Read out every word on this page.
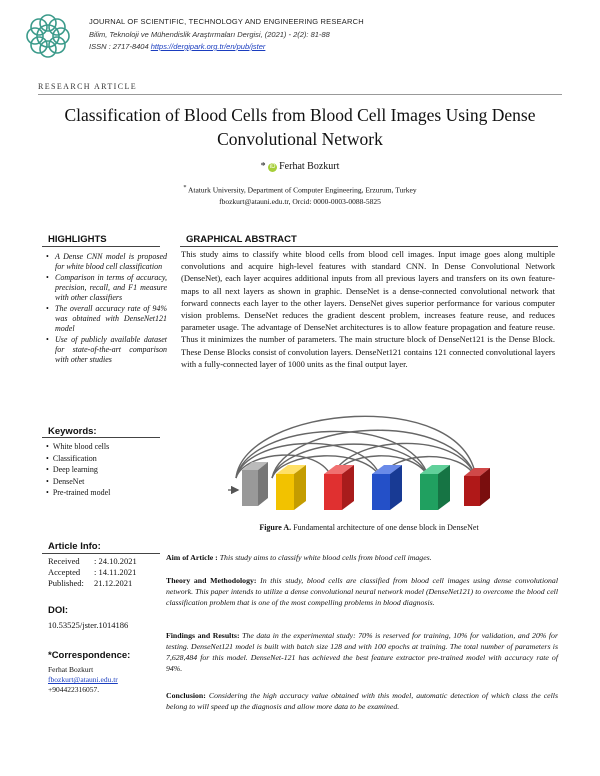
JOURNAL OF SCIENTIFIC, TECHNOLOGY AND ENGINEERING RESEARCH
Bilim, Teknoloji ve Mühendislik Araştırmaları Dergisi, (2021) - 2(2): 81-88
ISSN : 2717-8404 https://dergipark.org.tr/en/pub/jster
RESEARCH ARTICLE
Classification of Blood Cells from Blood Cell Images Using Dense Convolutional Network
* iD Ferhat Bozkurt
* Ataturk University, Department of Computer Engineering, Erzurum, Turkey
fbozkurt@atauni.edu.tr, Orcid: 0000-0003-0088-5825
HIGHLIGHTS
• A Dense CNN model is proposed for white blood cell classification
• Comparison in terms of accuracy, precision, recall, and F1 measure with other classifiers
• The overall accuracy rate of 94% was obtained with DenseNet121 model
• Use of publicly available dataset for state-of-the-art comparison with other studies
Keywords:
• White blood cells
• Classification
• Deep learning
• DenseNet
• Pre-trained model
Article Info:
Received : 24.10.2021
Accepted : 14.11.2021
Published: 21.12.2021
DOI:
10.53525/jster.1014186
*Correspondence:
Ferhat Bozkurt
fbozkurt@atauni.edu.tr
+904422316057.
GRAPHICAL ABSTRACT
This study aims to classify white blood cells from blood cell images. Input image goes along multiple convolutions and acquire high-level features with standard CNN. In Dense Convolutional Network (DenseNet), each layer acquires additional inputs from all previous layers and transfers on its own feature-maps to all next layers as shown in graphic. DenseNet is a dense-connected convolutional network that forward connects each layer to the other layers. DenseNet gives superior performance for various computer vision problems. DenseNet reduces the gradient descent problem, increases feature reuse, and reduces parameter usage. The advantage of DenseNet architectures is to allow feature propagation and feature reuse. Thus it minimizes the number of parameters. The main structure block of DenseNet121 is the Dense Block. These Dense Blocks consist of convolution layers. DenseNet121 contains 121 connected convolutional layers with a fully-connected layer of 1000 units as the final output layer.
Figure A. Fundamental architecture of one dense block in DenseNet
Aim of Article : This study aims to classify white blood cells from blood cell images.
Theory and Methodology: In this study, blood cells are classified from blood cell images using dense convolutional network. This paper intends to utilize a dense convolutional neural network model (DenseNet121) to overcome the blood cell classification problem that is one of the most compelling problems in blood diagnosis.
Findings and Results: The data in the experimental study: 70% is reserved for training, 10% for validation, and 20% for testing. DenseNet121 model is built with batch size 128 and with 100 epochs at training. The total number of parameters is 7,628,484 for this model. DenseNet-121 has achieved the best feature extractor pre-trained model with accuracy rate of 94%.
Conclusion: Considering the high accuracy value obtained with this model, automatic detection of which class the cells belong to will speed up the diagnosis and allow more data to be examined.
